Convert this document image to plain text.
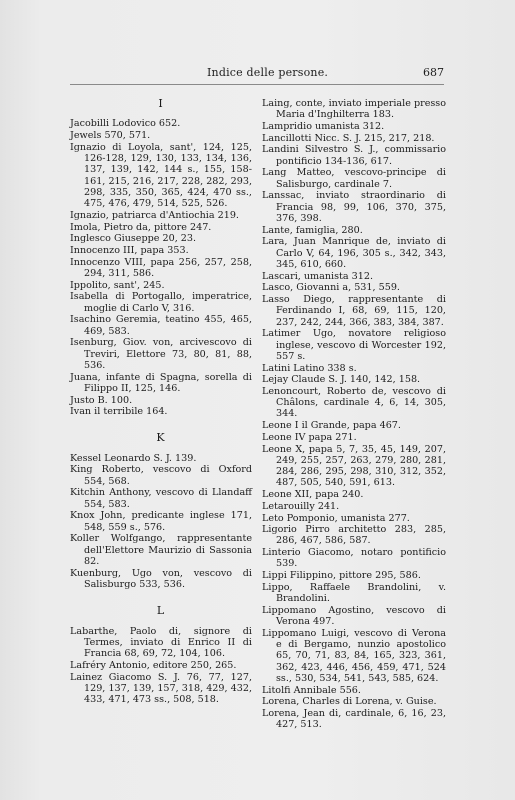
Indice delle persone.	687
I
Jacobilli Lodovico 652.
Jewels 570, 571.
Ignazio di Loyola, sant', 124, 125, 126-128, 129, 130, 133, 134, 136, 137, 139, 142, 144 s., 155, 158-161, 215, 216, 217, 228, 282, 293, 298, 335, 350, 365, 424, 470 ss., 475, 476, 479, 514, 525, 526.
Ignazio, patriarca d'Antiochia 219.
Imola, Pietro da, pittore 247.
Inglesco Giuseppe 20, 23.
Innocenzo III, papa 353.
Innocenzo VIII, papa 256, 257, 258, 294, 311, 586.
Ippolito, sant', 245.
Isabella di Portogallo, imperatrice, moglie di Carlo V, 316.
Isachino Geremia, teatino 455, 465, 469, 583.
Isenburg, Giov. von, arcivescovo di Treviri, Elettore 73, 80, 81, 88, 536.
Juana, infante di Spagna, sorella di Filippo II, 125, 146.
Justo B. 100.
Ivan il terribile 164.
K
Kessel Leonardo S. J. 139.
King Roberto, vescovo di Oxford 554, 568.
Kitchin Anthony, vescovo di Llandaff 554, 583.
Knox John, predicante inglese 171, 548, 559 s., 576.
Koller Wolfgango, rappresentante dell'Elettore Maurizio di Sassonia 82.
Kuenburg, Ugo von, vescovo di Salisburgo 533, 536.
L
Labarthe, Paolo di, signore di Termes, inviato di Enrico II di Francia 68, 69, 72, 104, 106.
Lafréry Antonio, editore 250, 265.
Lainez Giacomo S. J. 76, 77, 127, 129, 137, 139, 157, 318, 429, 432, 433, 471, 473 ss., 508, 518.
Laing, conte, inviato imperiale presso Maria d'Inghilterra 183.
Lampridio umanista 312.
Lancillotti Nicc. S. J. 215, 217, 218.
Landini Silvestro S. J., commissario pontificio 134-136, 617.
Lang Matteo, vescovo-principe di Salisburgo, cardinale 7.
Lanssac, inviato straordinario di Francia 98, 99, 106, 370, 375, 376, 398.
Lante, famiglia, 280.
Lara, Juan Manrique de, inviato di Carlo V, 64, 196, 305 s., 342, 343, 345, 610, 660.
Lascari, umanista 312.
Lasco, Giovanni a, 531, 559.
Lasso Diego, rappresentante di Ferdinando I, 68, 69, 115, 120, 237, 242, 244, 366, 383, 384, 387.
Latimer Ugo, novatore religioso inglese, vescovo di Worcester 192, 557 s.
Latini Latino 338 s.
Lejay Claude S. J. 140, 142, 158.
Lenoncourt, Roberto de, vescovo di Châlons, cardinale 4, 6, 14, 305, 344.
Leone I il Grande, papa 467.
Leone IV papa 271.
Leone X, papa 5, 7, 35, 45, 149, 207, 249, 255, 257, 263, 279, 280, 281, 284, 286, 295, 298, 310, 312, 352, 487, 505, 540, 591, 613.
Leone XII, papa 240.
Letarouilly 241.
Leto Pomponio, umanista 277.
Ligorio Pirro architetto 283, 285, 286, 467, 586, 587.
Linterio Giacomo, notaro pontificio 539.
Lippi Filippino, pittore 295, 586.
Lippo, Raffaele Brandolini, v. Brandolini.
Lippomano Agostino, vescovo di Verona 497.
Lippomano Luigi, vescovo di Verona e di Bergamo, nunzio apostolico 65, 70, 71, 83, 84, 165, 323, 361, 362, 423, 446, 456, 459, 471, 524 ss., 530, 534, 541, 543, 585, 624.
Litolfi Annibale 556.
Lorena, Charles di Lorena, v. Guise.
Lorena, Jean di, cardinale, 6, 16, 23, 427, 513.
